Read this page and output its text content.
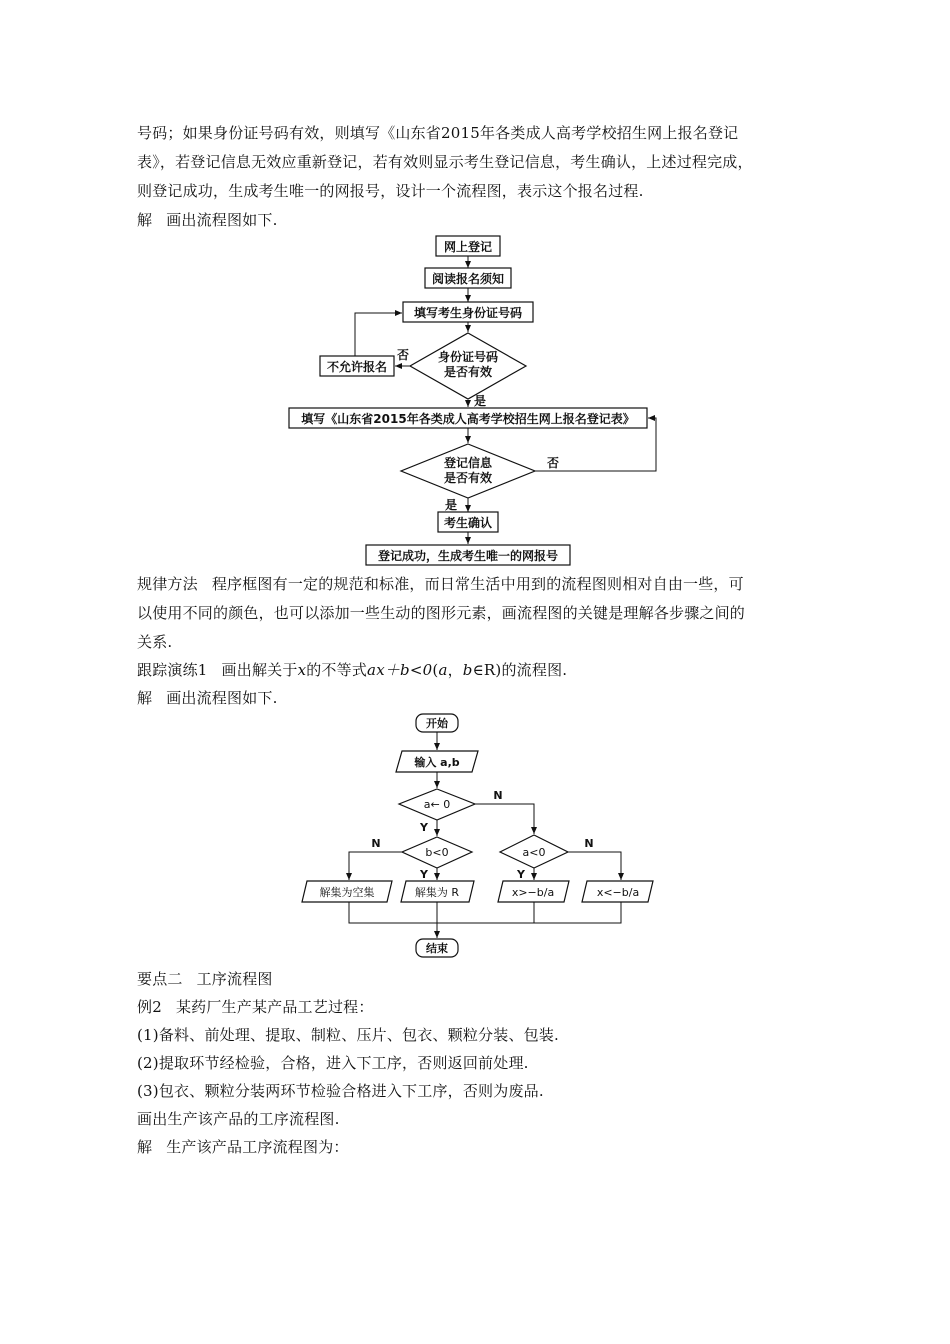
号码；如果身份证号码有效，则填写《山东省2015年各类成人高考学校招生网上报名登记
表》，若登记信息无效应重新登记，若有效则显示考生登记信息，考生确认，上述过程完成，
则登记成功，生成考生唯一的网报号，设计一个流程图，表示这个报名过程.
解 画出流程图如下.
网上登记
阅读报名须知
填写考生身份证号码
身份证号码
是否有效
不允许报名
否
是
填写《山东省2015年各类成人高考学校招生网上报名登记表》
登记信息
是否有效
否
是
考生确认
登记成功，生成考生唯一的网报号
规律方法 程序框图有一定的规范和标准，而日常生活中用到的流程图则相对自由一些，可
以使用不同的颜色，也可以添加一些生动的图形元素，画流程图的关键是理解各步骤之间的
关系.
跟踪演练1 画出解关于x的不等式ax＋b<0(a，b∈R)的流程图.
解 画出流程图如下.
开始
输入 a,b
a← 0
N
Y
b<0
N
Y
a<0
N
Y
解集为空集	解集为 R	x>−b/a	x<−b/a
结束
要点二 工序流程图
例2 某药厂生产某产品工艺过程：
(1)备料、前处理、提取、制粒、压片、包衣、颗粒分装、包装.
(2)提取环节经检验，合格，进入下工序，否则返回前处理.
(3)包衣、颗粒分装两环节检验合格进入下工序，否则为废品.
画出生产该产品的工序流程图.
解 生产该产品工序流程图为：
